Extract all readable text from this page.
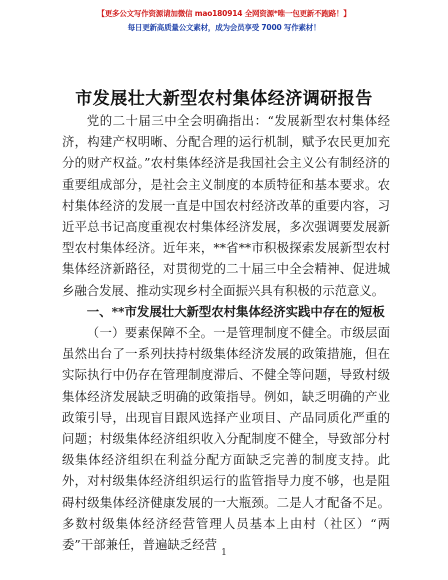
【更多公文写作资源请加微信 mao180914 全网资源*唯一包更新不跑路！】
每日更新高质量公文素材，成为会员享受 7000 写作素材！
市发展壮大新型农村集体经济调研报告

党的二十届三中全会明确指出：“发展新型农村集体经济，构建产权明晰、分配合理的运行机制，赋予农民更加充分的财产权益。”农村集体经济是我国社会主义公有制经济的重要组成部分，是社会主义制度的本质特征和基本要求。农村集体经济的发展一直是中国农村经济改革的重要内容，习近平总书记高度重视农村集体经济发展，多次强调要发展新型农村集体经济。近年来，**省**市积极探索发展新型农村集体经济新路径，对贯彻党的二十届三中全会精神、促进城乡融合发展、推动实现乡村全面振兴具有积极的示范意义。

一、**市发展壮大新型农村集体经济实践中存在的短板

（一）要素保障不全。一是管理制度不健全。市级层面虽然出台了一系列扶持村级集体经济发展的政策措施，但在实际执行中仍存在管理制度滞后、不健全等问题，导致村级集体经济发展缺乏明确的政策指导。例如，缺乏明确的产业政策引导，出现盲目跟风选择产业项目、产品同质化严重的问题；村级集体经济组织收入分配制度不健全，导致部分村级集体经济组织在利益分配方面缺乏完善的制度支持。此外，对村级集体经济组织运行的监管指导力度不够，也是阻碍村级集体经济健康发展的一大瓶颈。二是人才配备不足。多数村级集体经济经营管理人员基本上由村（社区）“两委”干部兼任，普遍缺乏经营

1
